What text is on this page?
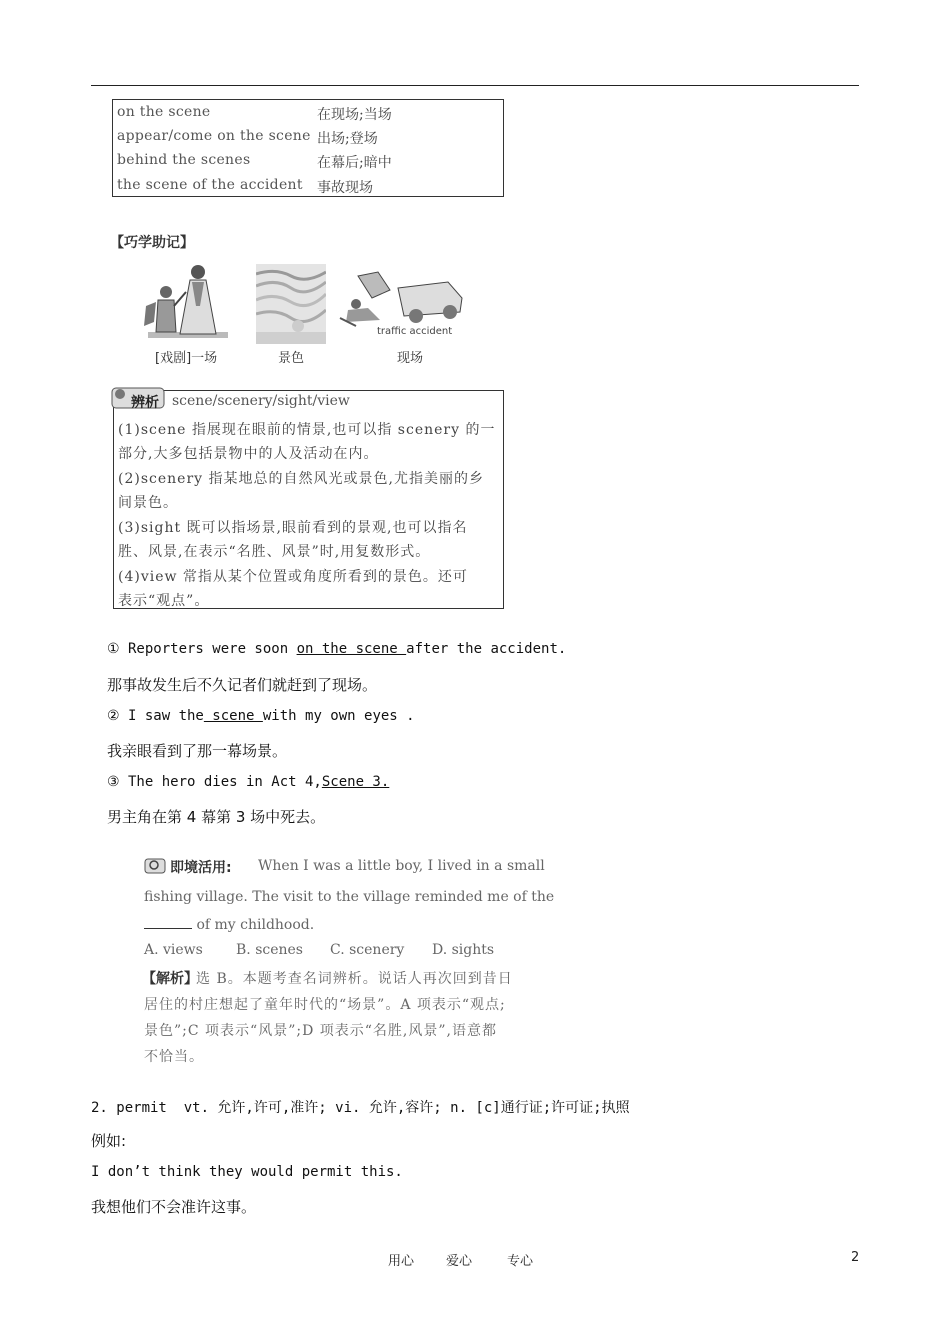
on the scene	在现场;当场
appear/come on the scene 出场;登场
behind the scenes	在幕后;暗中
the scene of the accident 事故现场
【巧学助记】
traffic accident
[戏剧]一场	景色	现场
辨析 scene/scenery/sight/view
(1)scene 指展现在眼前的情景,也可以指 scenery 的一
部分,大多包括景物中的人及活动在内。
(2)scenery 指某地总的自然风光或景色,尤指美丽的乡
间景色。
(3)sight 既可以指场景,眼前看到的景观,也可以指名
胜、风景,在表示“名胜、风景”时,用复数形式。
(4)view 常指从某个位置或角度所看到的景色。还可
表示“观点”。
① Reporters were soon on the scene after the accident.
那事故发生后不久记者们就赶到了现场。
② I saw the scene with my own eyes .
我亲眼看到了那一幕场景。
③ The hero dies in Act 4,Scene 3.
男主角在第 4 幕第 3 场中死去。
即境活用: When I was a little boy, I lived in a small
fishing village. The visit to the village reminded me of the
of my childhood.
A. views B. scenes C. scenery D. sights
【解析】
选 B。本题考查名词辨析。说话人再次回到昔日
居住的村庄想起了童年时代的“场景”。A 项表示“观点;
景色”;C 项表示“风景”;D 项表示“名胜,风景”,语意都
不恰当。
2. permit  vt. 允许,许可,准许; vi. 允许,容许; n. [c]通行证;许可证;执照
例如:
I don’t think they would permit this.
我想他们不会准许这事。
用心 爱心	专心	2
